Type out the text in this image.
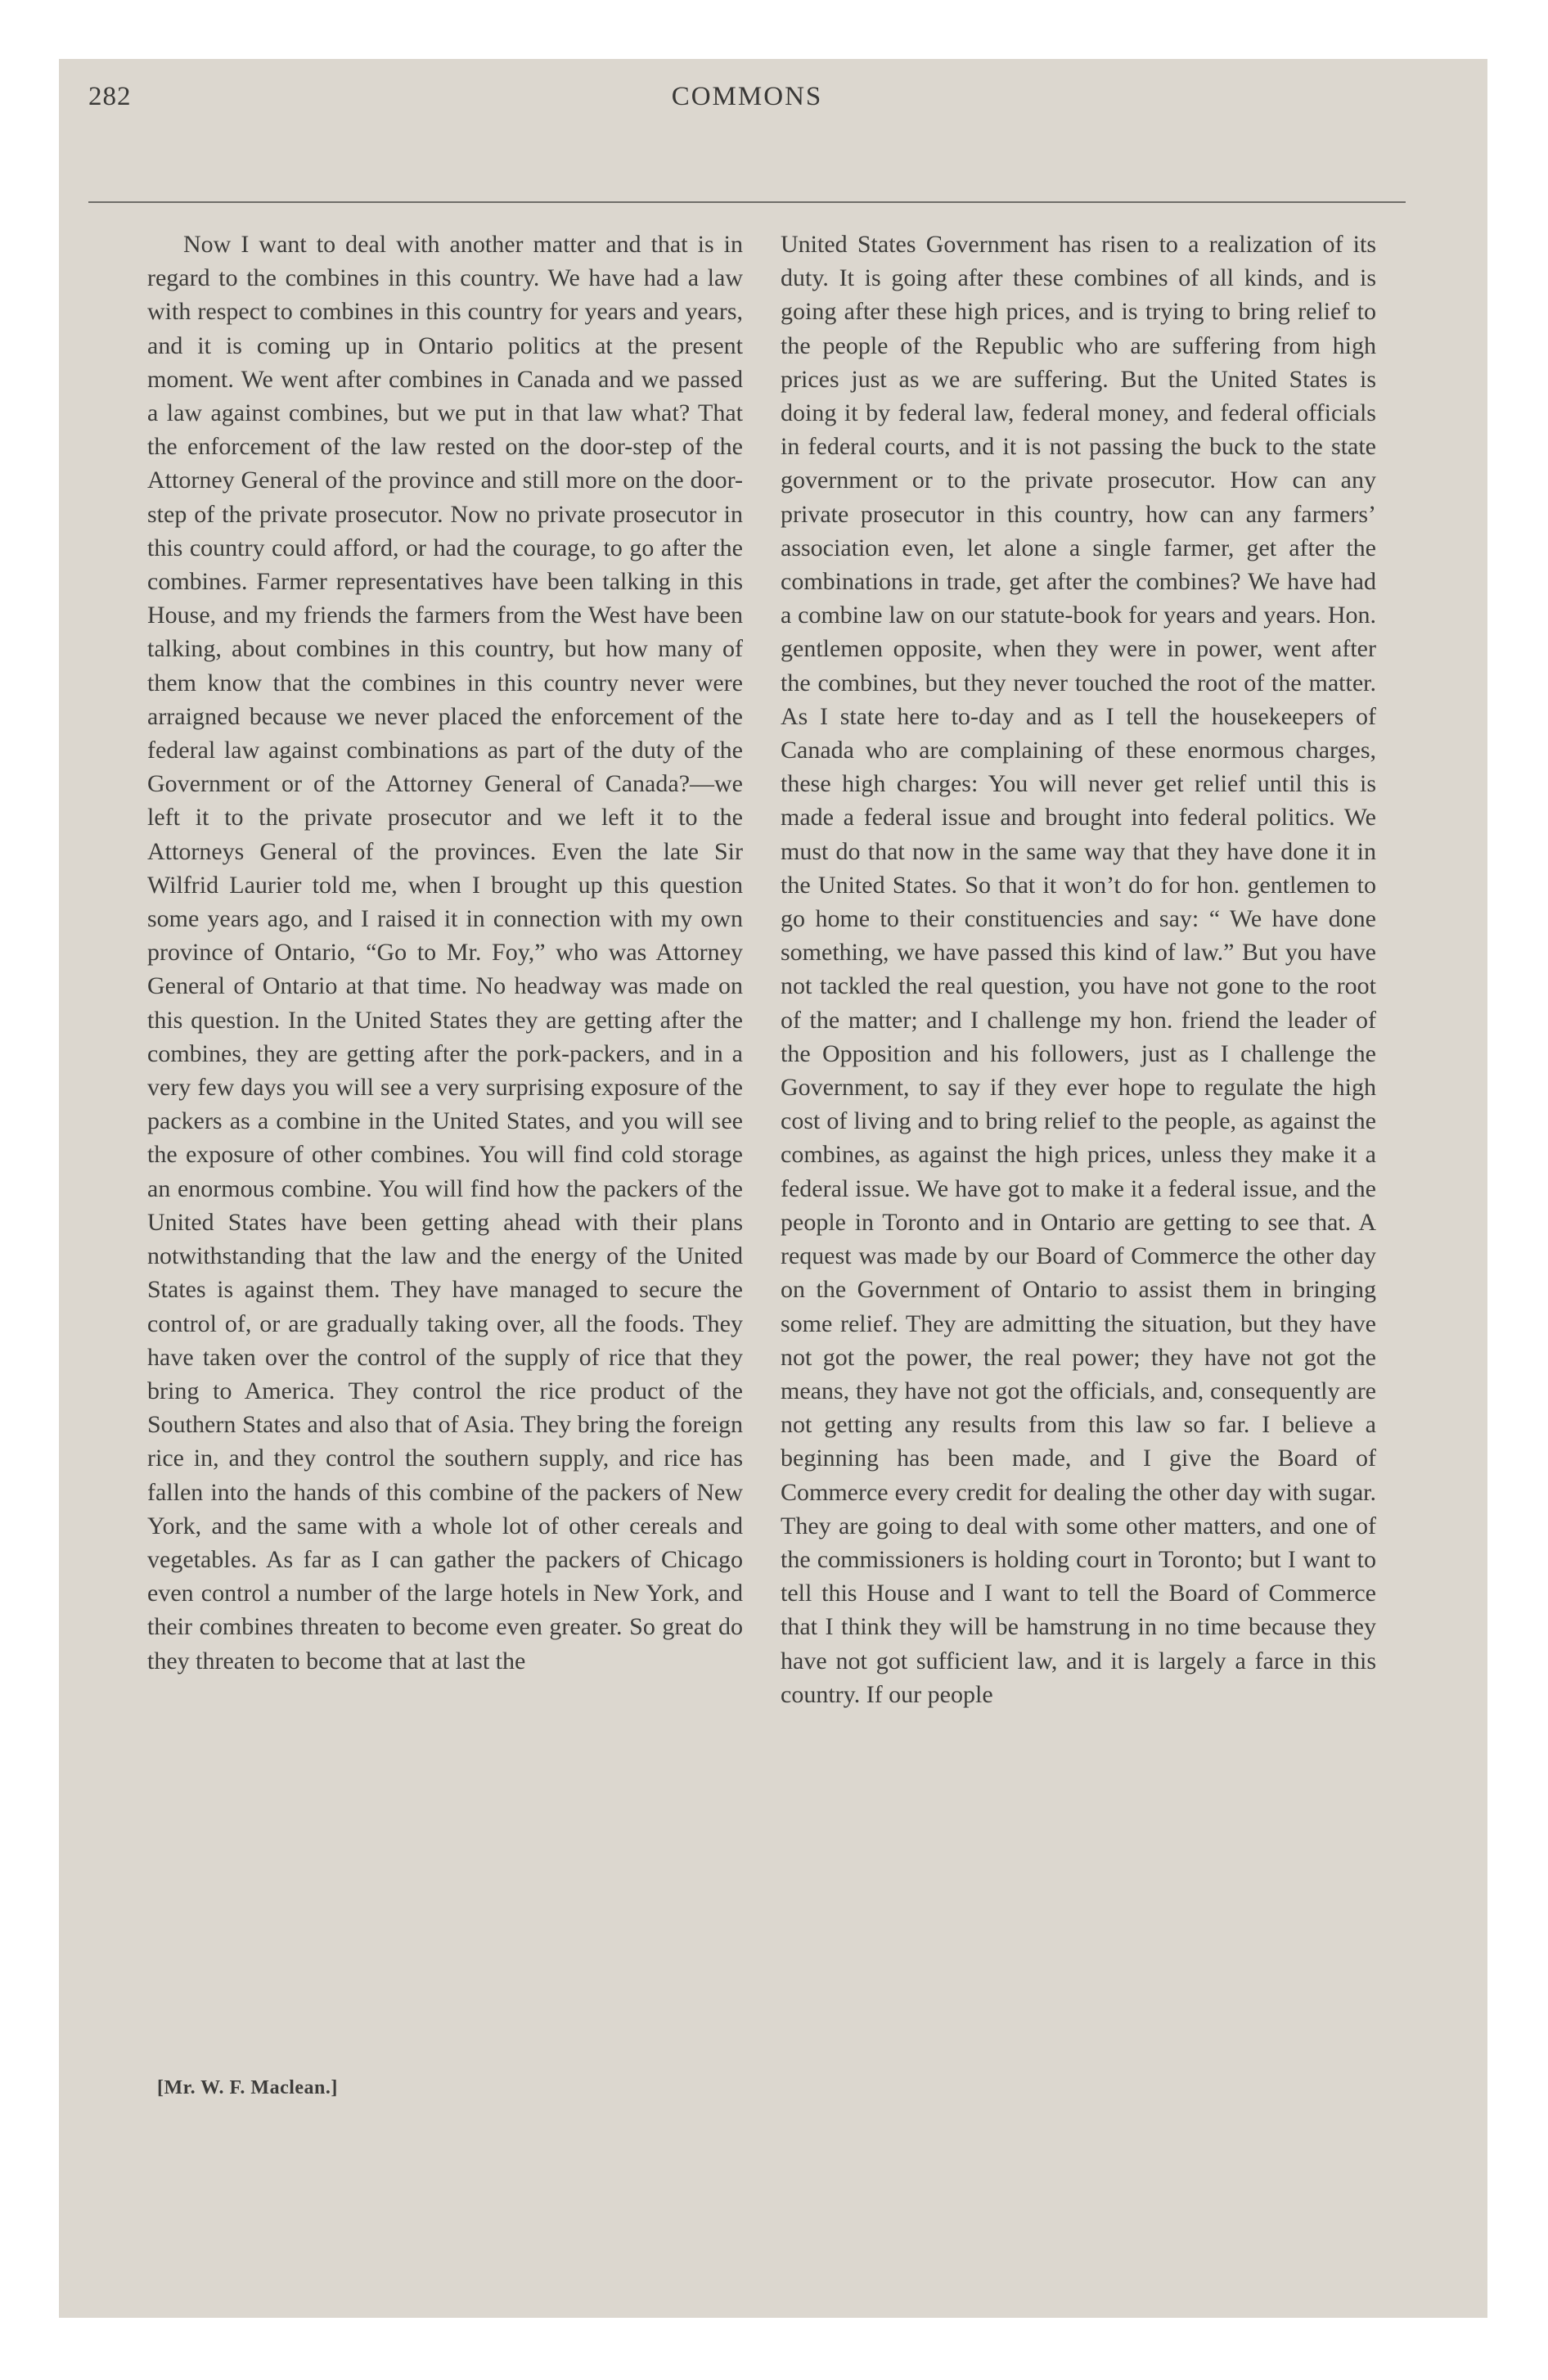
282	COMMONS
Now I want to deal with another matter and that is in regard to the combines in this country. We have had a law with respect to combines in this country for years and years, and it is coming up in Ontario politics at the present moment. We went after combines in Canada and we passed a law against combines, but we put in that law what? That the enforcement of the law rested on the door-step of the Attorney General of the province and still more on the door-step of the private prosecutor. Now no private prosecutor in this country could afford, or had the courage, to go after the combines. Farmer representatives have been talking in this House, and my friends the farmers from the West have been talking, about combines in this country, but how many of them know that the combines in this country never were arraigned because we never placed the enforcement of the federal law against combinations as part of the duty of the Government or of the Attorney General of Canada?—we left it to the private prosecutor and we left it to the Attorneys General of the provinces. Even the late Sir Wilfrid Laurier told me, when I brought up this question some years ago, and I raised it in connection with my own province of Ontario, “Go to Mr. Foy,” who was Attorney General of Ontario at that time. No headway was made on this question. In the United States they are getting after the combines, they are getting after the pork-packers, and in a very few days you will see a very surprising exposure of the packers as a combine in the United States, and you will see the exposure of other combines. You will find cold storage an enormous combine. You will find how the packers of the United States have been getting ahead with their plans notwithstanding that the law and the energy of the United States is against them. They have managed to secure the control of, or are gradually taking over, all the foods. They have taken over the control of the supply of rice that they bring to America. They control the rice product of the Southern States and also that of Asia. They bring the foreign rice in, and they control the southern supply, and rice has fallen into the hands of this combine of the packers of New York, and the same with a whole lot of other cereals and vegetables. As far as I can gather the packers of Chicago even control a number of the large hotels in New York, and their combines threaten to become even greater. So great do they threaten to become that at last the
United States Government has risen to a realization of its duty. It is going after these combines of all kinds, and is going after these high prices, and is trying to bring relief to the people of the Republic who are suffering from high prices just as we are suffering. But the United States is doing it by federal law, federal money, and federal officials in federal courts, and it is not passing the buck to the state government or to the private prosecutor. How can any private prosecutor in this country, how can any farmers’ association even, let alone a single farmer, get after the combinations in trade, get after the combines? We have had a combine law on our statute-book for years and years. Hon. gentlemen opposite, when they were in power, went after the combines, but they never touched the root of the matter. As I state here to-day and as I tell the housekeepers of Canada who are complaining of these enormous charges, these high charges: You will never get relief until this is made a federal issue and brought into federal politics. We must do that now in the same way that they have done it in the United States. So that it won’t do for hon. gentlemen to go home to their constituencies and say: “ We have done something, we have passed this kind of law.” But you have not tackled the real question, you have not gone to the root of the matter; and I challenge my hon. friend the leader of the Opposition and his followers, just as I challenge the Government, to say if they ever hope to regulate the high cost of living and to bring relief to the people, as against the combines, as against the high prices, unless they make it a federal issue. We have got to make it a federal issue, and the people in Toronto and in Ontario are getting to see that. A request was made by our Board of Commerce the other day on the Government of Ontario to assist them in bringing some relief. They are admitting the situation, but they have not got the power, the real power; they have not got the means, they have not got the officials, and, consequently are not getting any results from this law so far. I believe a beginning has been made, and I give the Board of Commerce every credit for dealing the other day with sugar. They are going to deal with some other matters, and one of the commissioners is holding court in Toronto; but I want to tell this House and I want to tell the Board of Commerce that I think they will be hamstrung in no time because they have not got sufficient law, and it is largely a farce in this country. If our people
[Mr. W. F. Maclean.]
